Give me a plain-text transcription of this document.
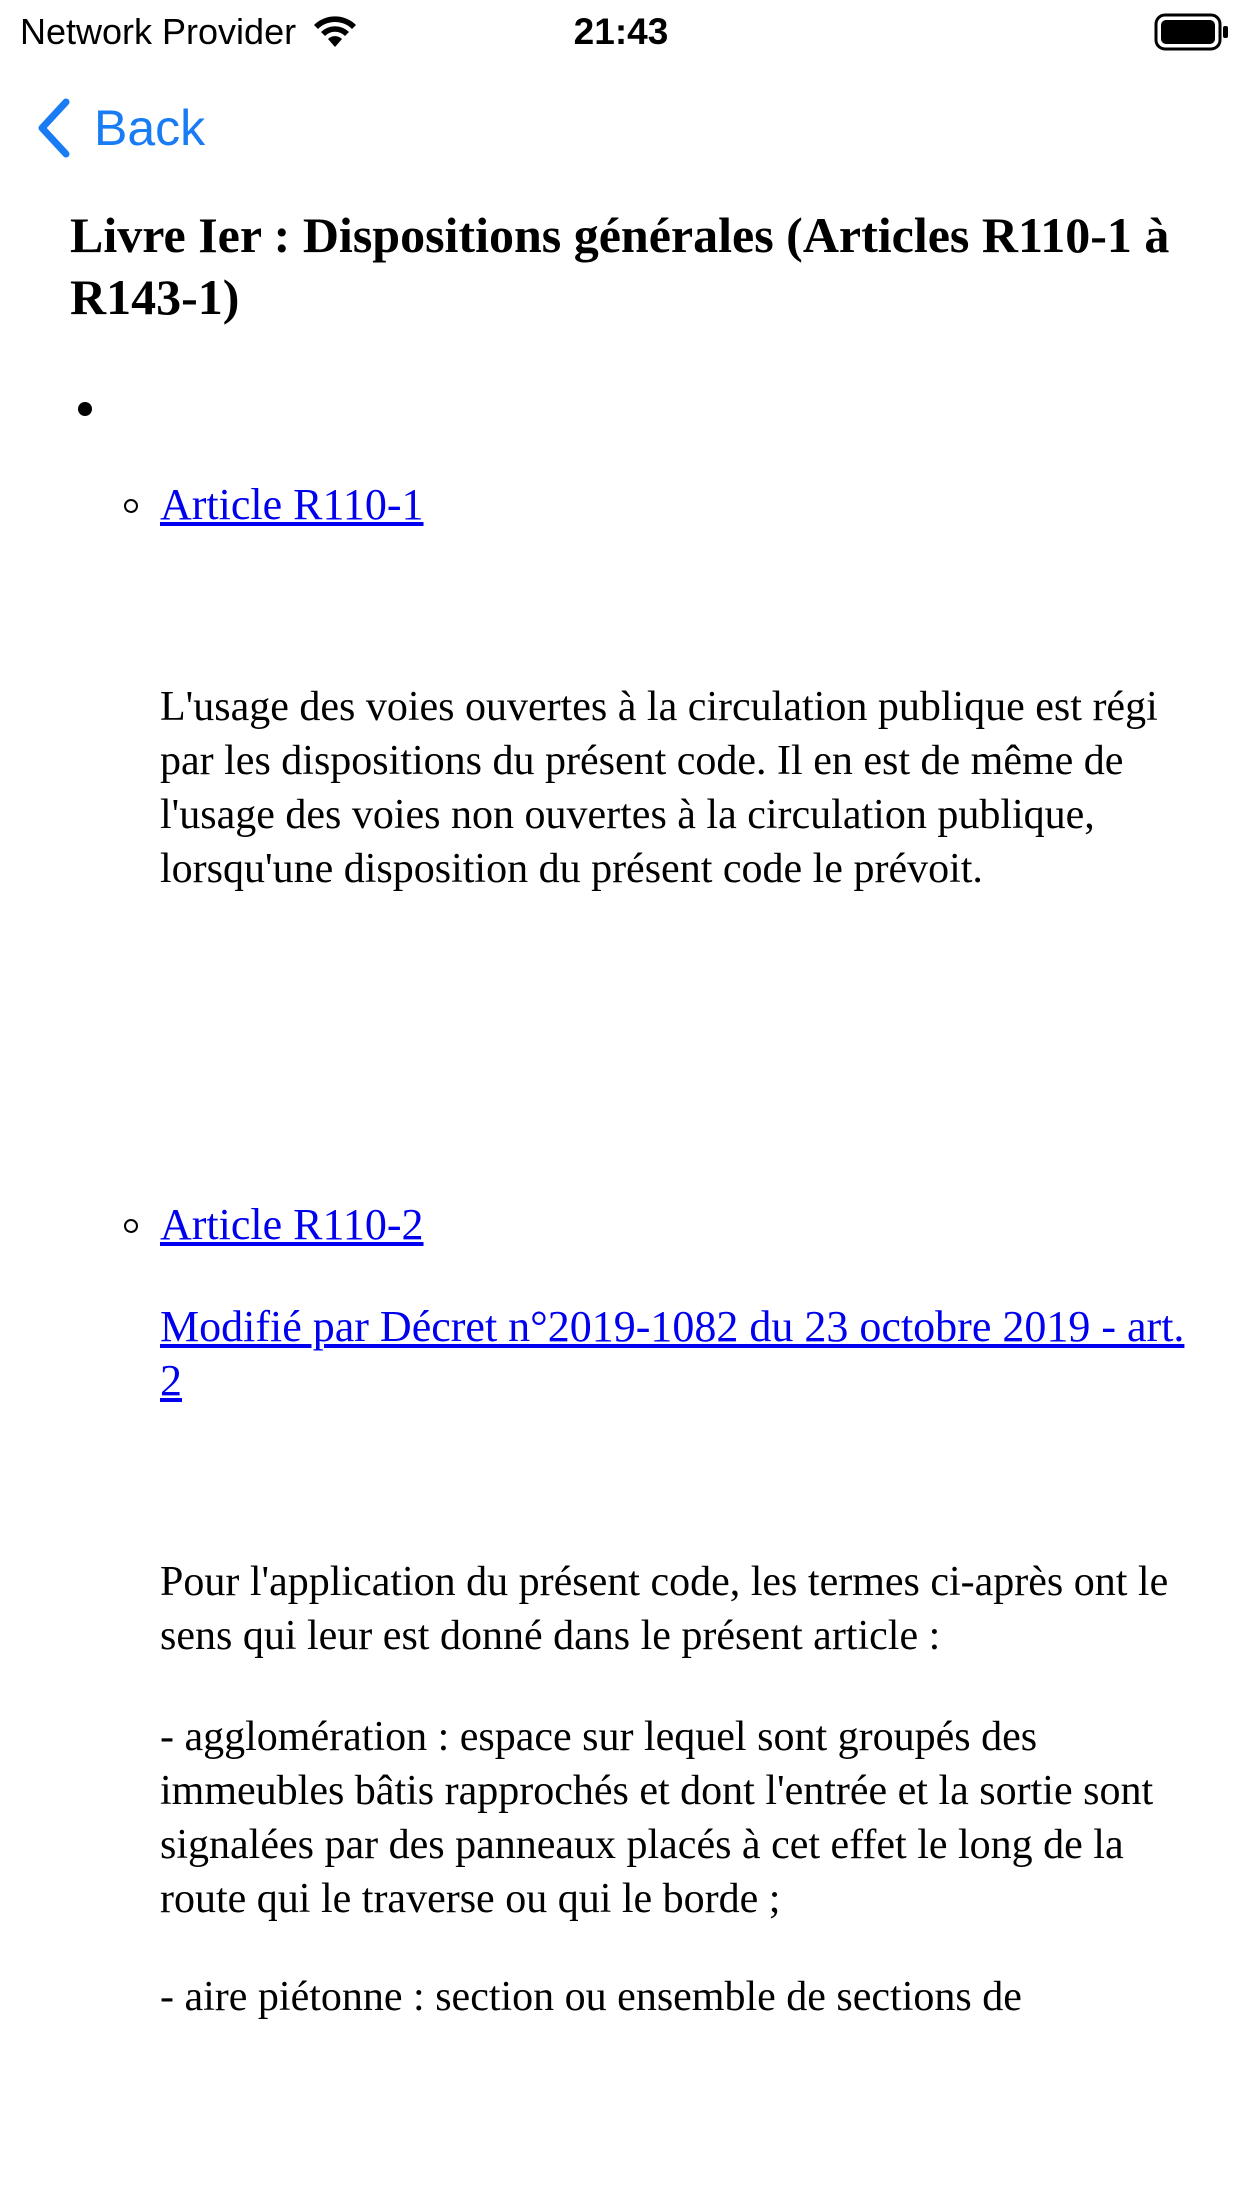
Network Provider	21:43
Back
Livre Ier : Dispositions générales (Articles R110-1 à R143-1)
Article R110-1

L'usage des voies ouvertes à la circulation publique est régi par les dispositions du présent code. Il en est de même de l'usage des voies non ouvertes à la circulation publique, lorsqu'une disposition du présent code le prévoit.

Article R110-2
Modifié par Décret n°2019-1082 du 23 octobre 2019 - art. 2

Pour l'application du présent code, les termes ci-après ont le sens qui leur est donné dans le présent article :

- agglomération : espace sur lequel sont groupés des immeubles bâtis rapprochés et dont l'entrée et la sortie sont signalées par des panneaux placés à cet effet le long de la route qui le traverse ou qui le borde ;

- aire piétonne : section ou ensemble de sections de
